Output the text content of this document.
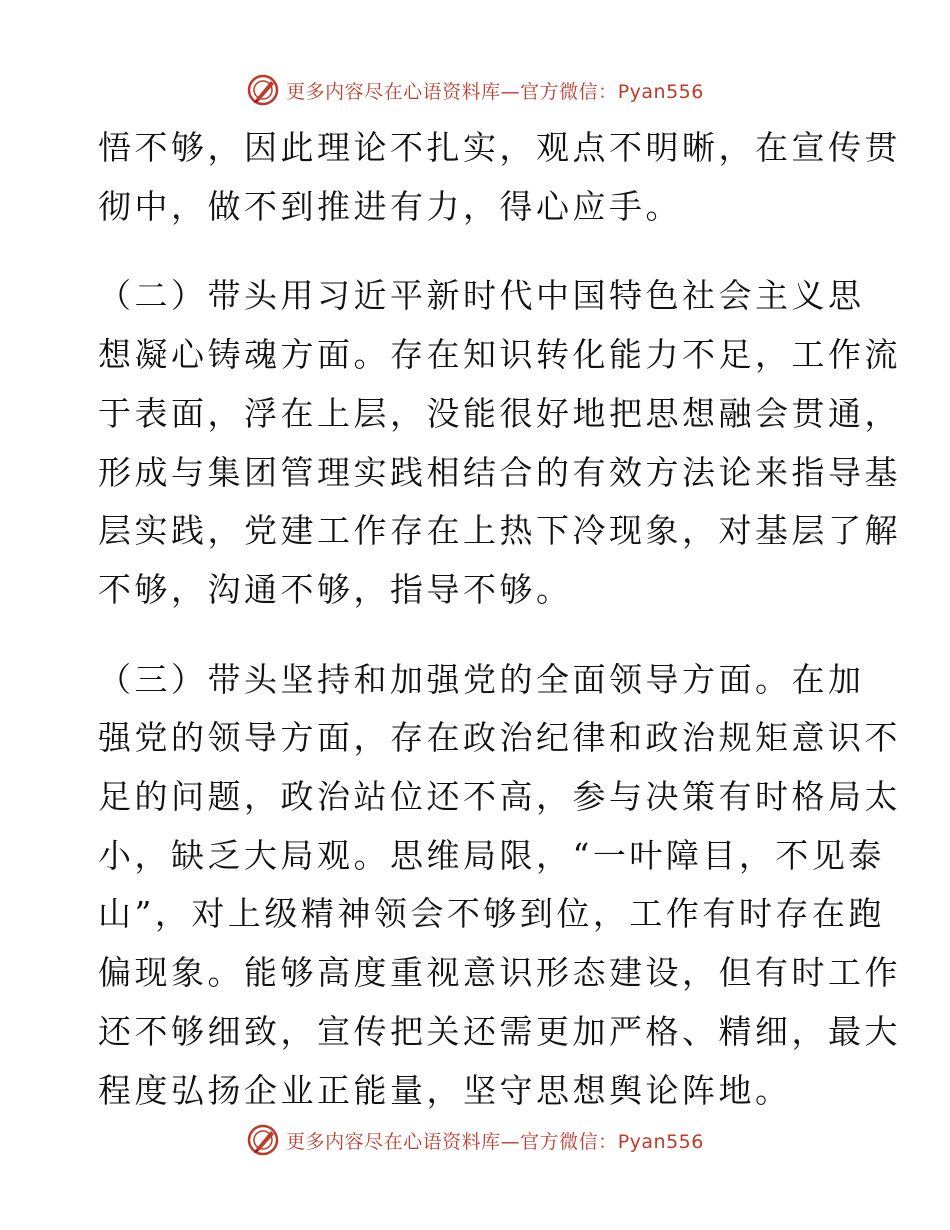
更多内容尽在心语资料库—官方微信：Pyan556

悟不够，因此理论不扎实，观点不明晰，在宣传贯
彻中，做不到推进有力，得心应手。

（二）带头用习近平新时代中国特色社会主义思
想凝心铸魂方面。存在知识转化能力不足，工作流
于表面，浮在上层，没能很好地把思想融会贯通，
形成与集团管理实践相结合的有效方法论来指导基
层实践，党建工作存在上热下冷现象，对基层了解
不够，沟通不够，指导不够。

（三）带头坚持和加强党的全面领导方面。在加
强党的领导方面，存在政治纪律和政治规矩意识不
足的问题，政治站位还不高，参与决策有时格局太
小，缺乏大局观。思维局限，“一叶障目，不见泰
山”，对上级精神领会不够到位，工作有时存在跑
偏现象。能够高度重视意识形态建设，但有时工作
还不够细致，宣传把关还需更加严格、精细，最大
程度弘扬企业正能量，坚守思想舆论阵地。

更多内容尽在心语资料库—官方微信：Pyan556
